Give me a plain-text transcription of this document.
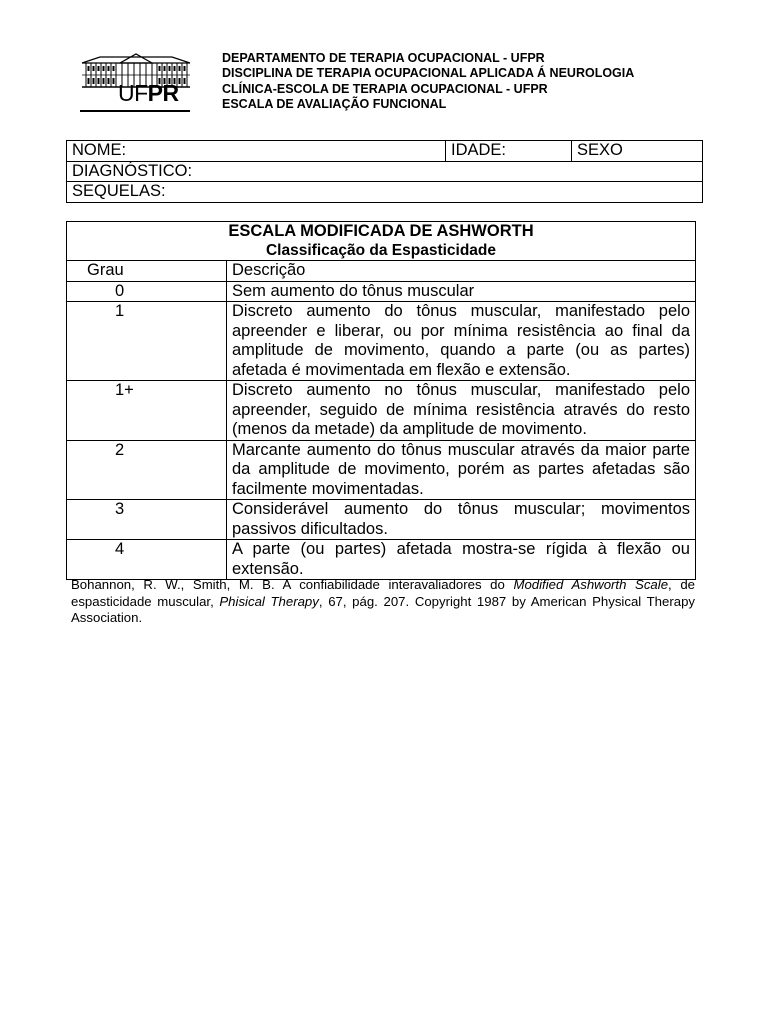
UFPR
DEPARTAMENTO DE TERAPIA OCUPACIONAL - UFPR
DISCIPLINA DE TERAPIA OCUPACIONAL APLICADA Á NEUROLOGIA
CLÍNICA-ESCOLA DE TERAPIA OCUPACIONAL - UFPR
ESCALA DE AVALIAÇÃO FUNCIONAL
NOME:	IDADE:	SEXO
DIAGNÓSTICO:
SEQUELAS:
ESCALA MODIFICADA DE ASHWORTH
Classificação da Espasticidade	

Grau	Descrição
0	Sem aumento do tônus muscular
1	Discreto aumento do tônus muscular, manifestado pelo apreender e liberar, ou por mínima resistência ao final da amplitude de movimento, quando a parte (ou as partes) afetada é movimentada em flexão e extensão.
1+	Discreto aumento no tônus muscular, manifestado pelo apreender, seguido de mínima resistência através do resto (menos da metade) da amplitude de movimento.
2	Marcante aumento do tônus muscular através da maior parte da amplitude de movimento, porém as partes afetadas são facilmente movimentadas.
3	Considerável aumento do tônus muscular; movimentos passivos dificultados.
4	A parte (ou partes) afetada mostra-se rígida à flexão ou extensão.
Bohannon, R. W., Smith, M. B. A confiabilidade interavaliadores do Modified Ashworth Scale, de espasticidade muscular, Phisical Therapy, 67, pág. 207. Copyright 1987 by American Physical Therapy Association.
